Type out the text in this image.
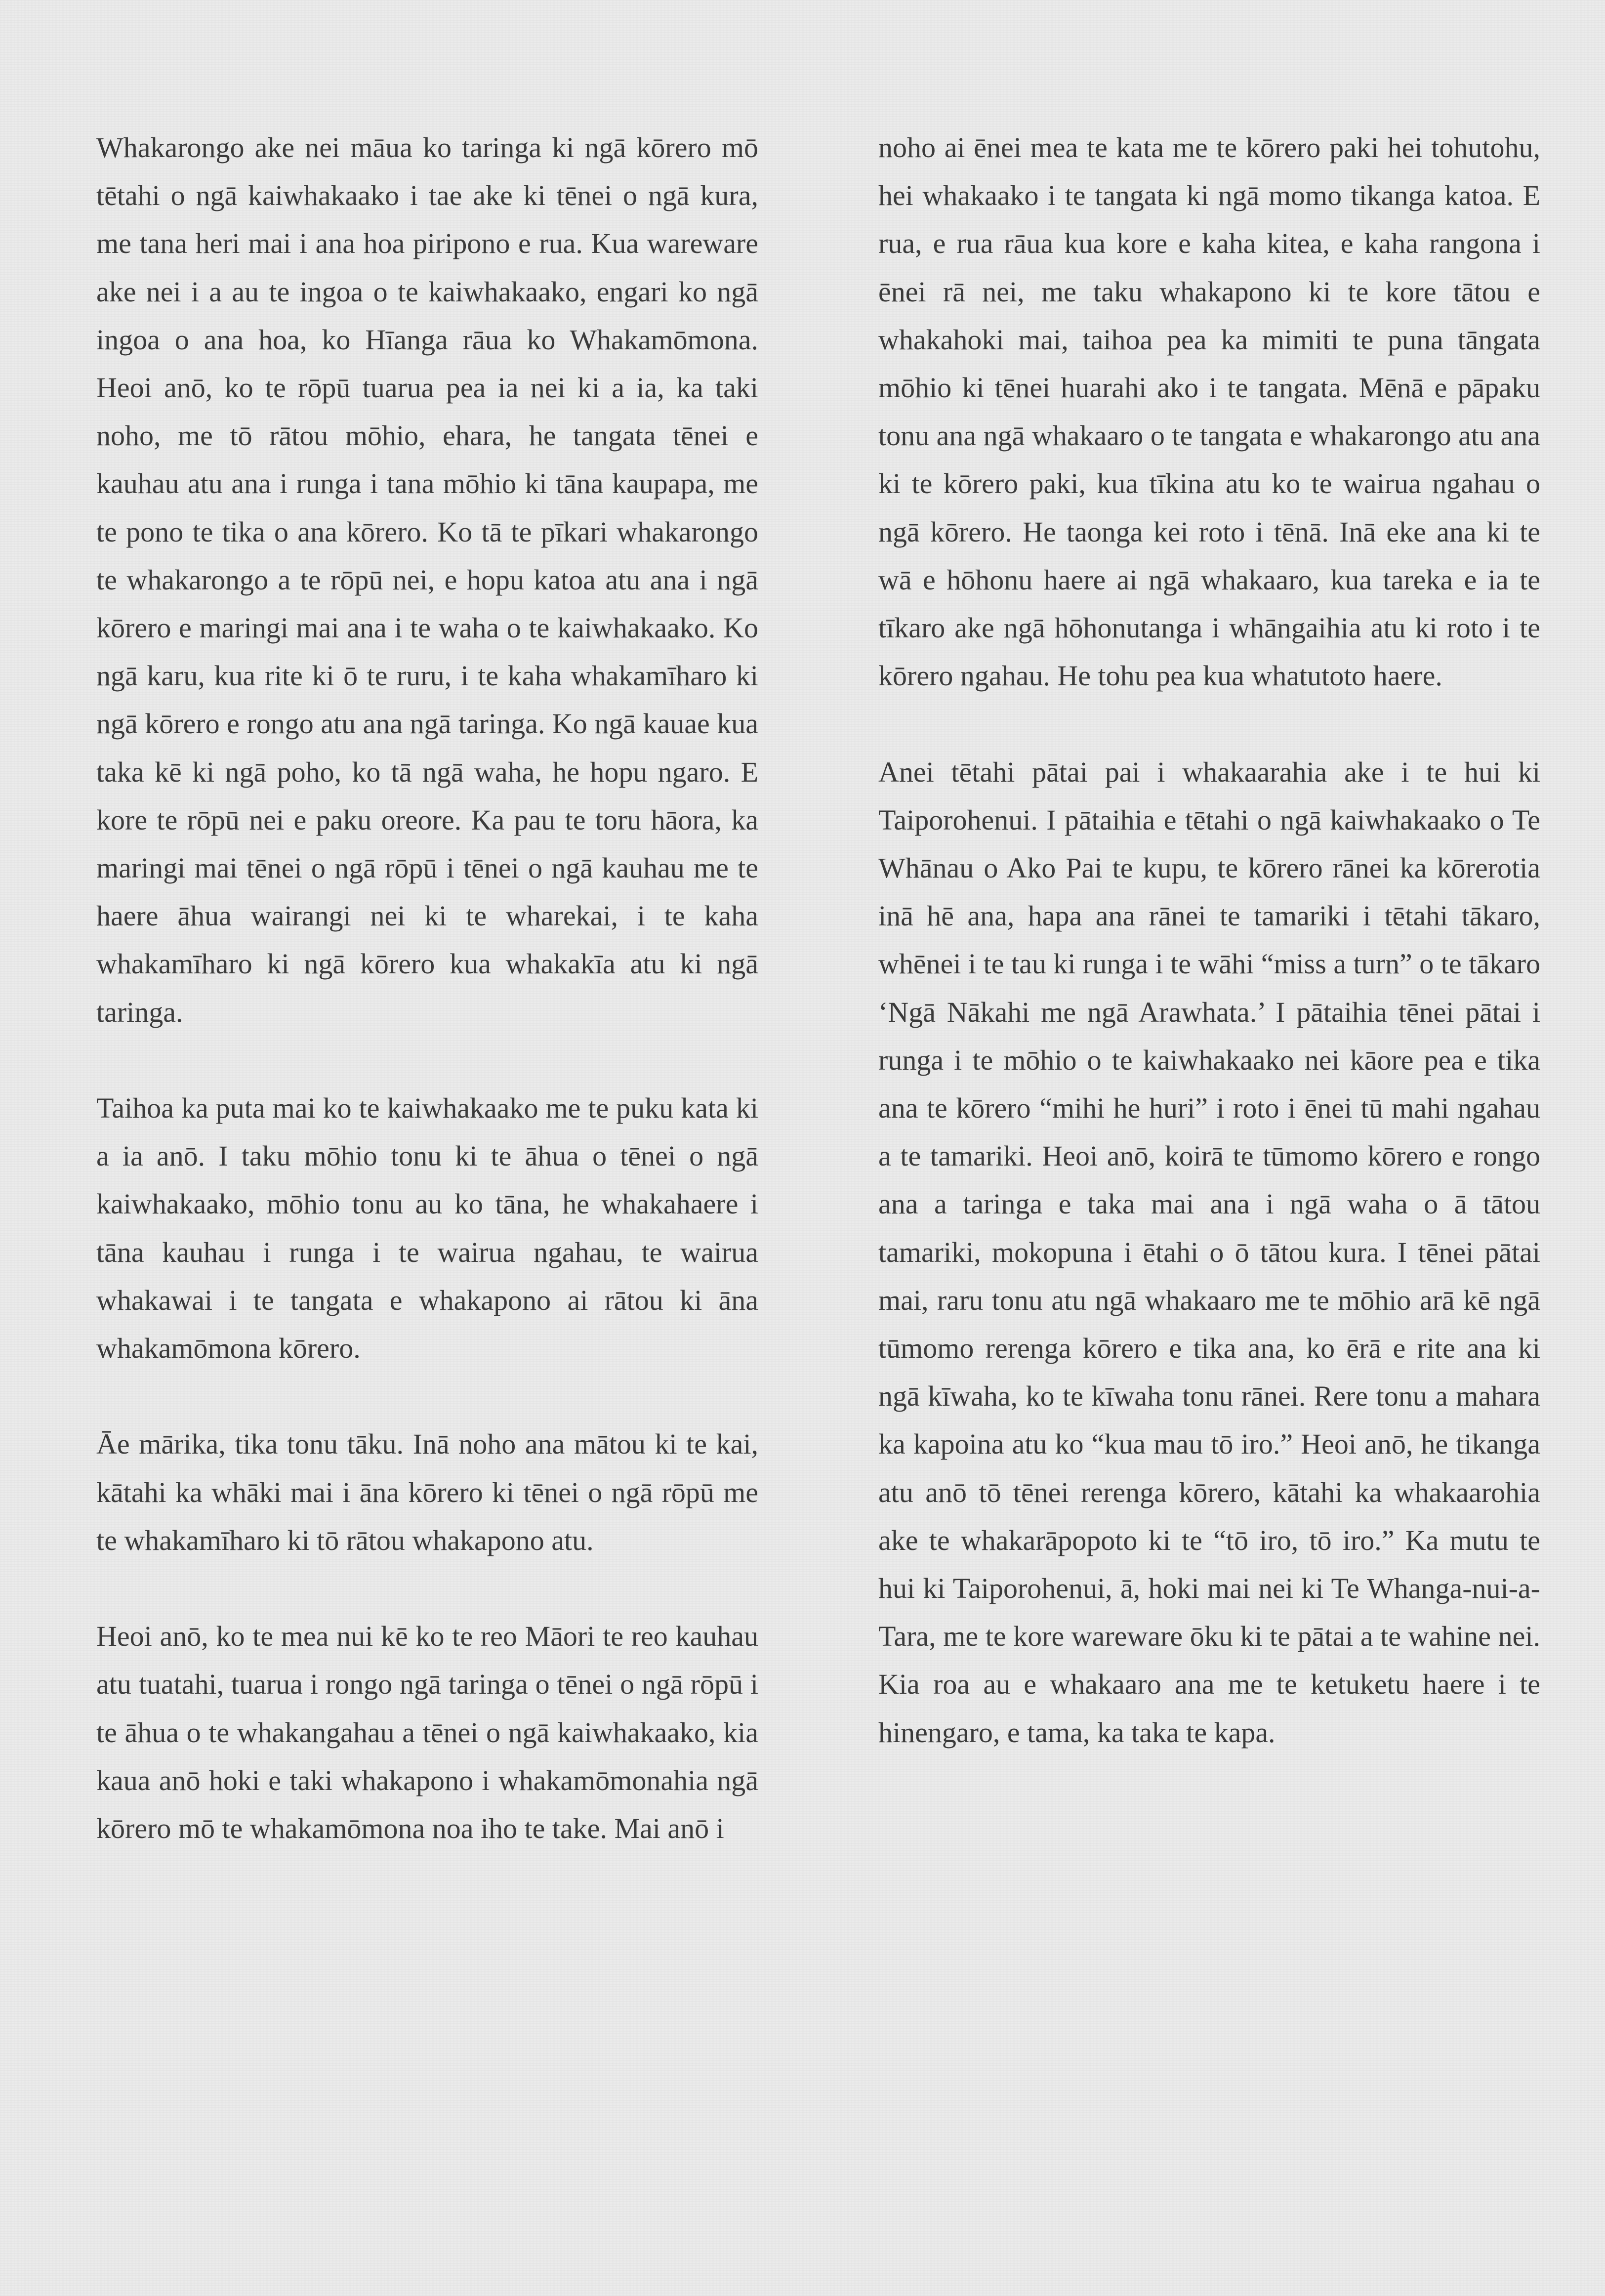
Whakarongo ake nei māua ko taringa ki ngā kōrero mō tētahi o ngā kaiwhakaako i tae ake ki tēnei o ngā kura, me tana heri mai i ana hoa piripono e rua. Kua wareware ake nei i a au te ingoa o te kaiwhakaako, engari ko ngā ingoa o ana hoa, ko Hīanga rāua ko Whakamōmona. Heoi anō, ko te rōpū tuarua pea ia nei ki a ia, ka taki noho, me tō rātou mōhio, ehara, he tangata tēnei e kauhau atu ana i runga i tana mōhio ki tāna kaupapa, me te pono te tika o ana kōrero. Ko tā te pīkari whakarongo te whakarongo a te rōpū nei, e hopu katoa atu ana i ngā kōrero e maringi mai ana i te waha o te kaiwhakaako. Ko ngā karu, kua rite ki ō te ruru, i te kaha whakamīharo ki ngā kōrero e rongo atu ana ngā taringa. Ko ngā kauae kua taka kē ki ngā poho, ko tā ngā waha, he hopu ngaro. E kore te rōpū nei e paku oreore. Ka pau te toru hāora, ka maringi mai tēnei o ngā rōpū i tēnei o ngā kauhau me te haere āhua wairangi nei ki te wharekai, i te kaha whakamīharo ki ngā kōrero kua whakakīa atu ki ngā taringa.

Taihoa ka puta mai ko te kaiwhakaako me te puku kata ki a ia anō. I taku mōhio tonu ki te āhua o tēnei o ngā kaiwhakaako, mōhio tonu au ko tāna, he whakahaere i tāna kauhau i runga i te wairua ngahau, te wairua whakawai i te tangata e whakapono ai rātou ki āna whakamōmona kōrero.

Āe mārika, tika tonu tāku. Inā noho ana mātou ki te kai, kātahi ka whāki mai i āna kōrero ki tēnei o ngā rōpū me te whakamīharo ki tō rātou whakapono atu.

Heoi anō, ko te mea nui kē ko te reo Māori te reo kauhau atu tuatahi, tuarua i rongo ngā taringa o tēnei o ngā rōpū i te āhua o te whakangahau a tēnei o ngā kaiwhakaako, kia kaua anō hoki e taki whakapono i whakamōmonahia ngā kōrero mō te whakamōmona noa iho te take. Mai anō i

noho ai ēnei mea te kata me te kōrero paki hei tohutohu, hei whakaako i te tangata ki ngā momo tikanga katoa. E rua, e rua rāua kua kore e kaha kitea, e kaha rangona i ēnei rā nei, me taku whakapono ki te kore tātou e whakahoki mai, taihoa pea ka mimiti te puna tāngata mōhio ki tēnei huarahi ako i te tangata. Mēnā e pāpaku tonu ana ngā whakaaro o te tangata e whakarongo atu ana ki te kōrero paki, kua tīkina atu ko te wairua ngahau o ngā kōrero. He taonga kei roto i tēnā. Inā eke ana ki te wā e hōhonu haere ai ngā whakaaro, kua tareka e ia te tīkaro ake ngā hōhonutanga i whāngaihia atu ki roto i te kōrero ngahau. He tohu pea kua whatutoto haere.

Anei tētahi pātai pai i whakaarahia ake i te hui ki Taiporohenui. I pātaihia e tētahi o ngā kaiwhakaako o Te Whānau o Ako Pai te kupu, te kōrero rānei ka kōrerotia inā hē ana, hapa ana rānei te tamariki i tētahi tākaro, whēnei i te tau ki runga i te wāhi “miss a turn” o te tākaro ‘Ngā Nākahi me ngā Arawhata.’ I pātaihia tēnei pātai i runga i te mōhio o te kaiwhakaako nei kāore pea e tika ana te kōrero “mihi he huri” i roto i ēnei tū mahi ngahau a te tamariki. Heoi anō, koirā te tūmomo kōrero e rongo ana a taringa e taka mai ana i ngā waha o ā tātou tamariki, mokopuna i ētahi o ō tātou kura. I tēnei pātai mai, raru tonu atu ngā whakaaro me te mōhio arā kē ngā tūmomo rerenga kōrero e tika ana, ko ērā e rite ana ki ngā kīwaha, ko te kīwaha tonu rānei. Rere tonu a mahara ka kapoina atu ko “kua mau tō iro.” Heoi anō, he tikanga atu anō tō tēnei rerenga kōrero, kātahi ka whakaarohia ake te whakarāpopoto ki te “tō iro, tō iro.” Ka mutu te hui ki Taiporohenui, ā, hoki mai nei ki Te Whanga-nui-a-Tara, me te kore wareware ōku ki te pātai a te wahine nei. Kia roa au e whakaaro ana me te ketuketu haere i te hinengaro, e tama, ka taka te kapa.
